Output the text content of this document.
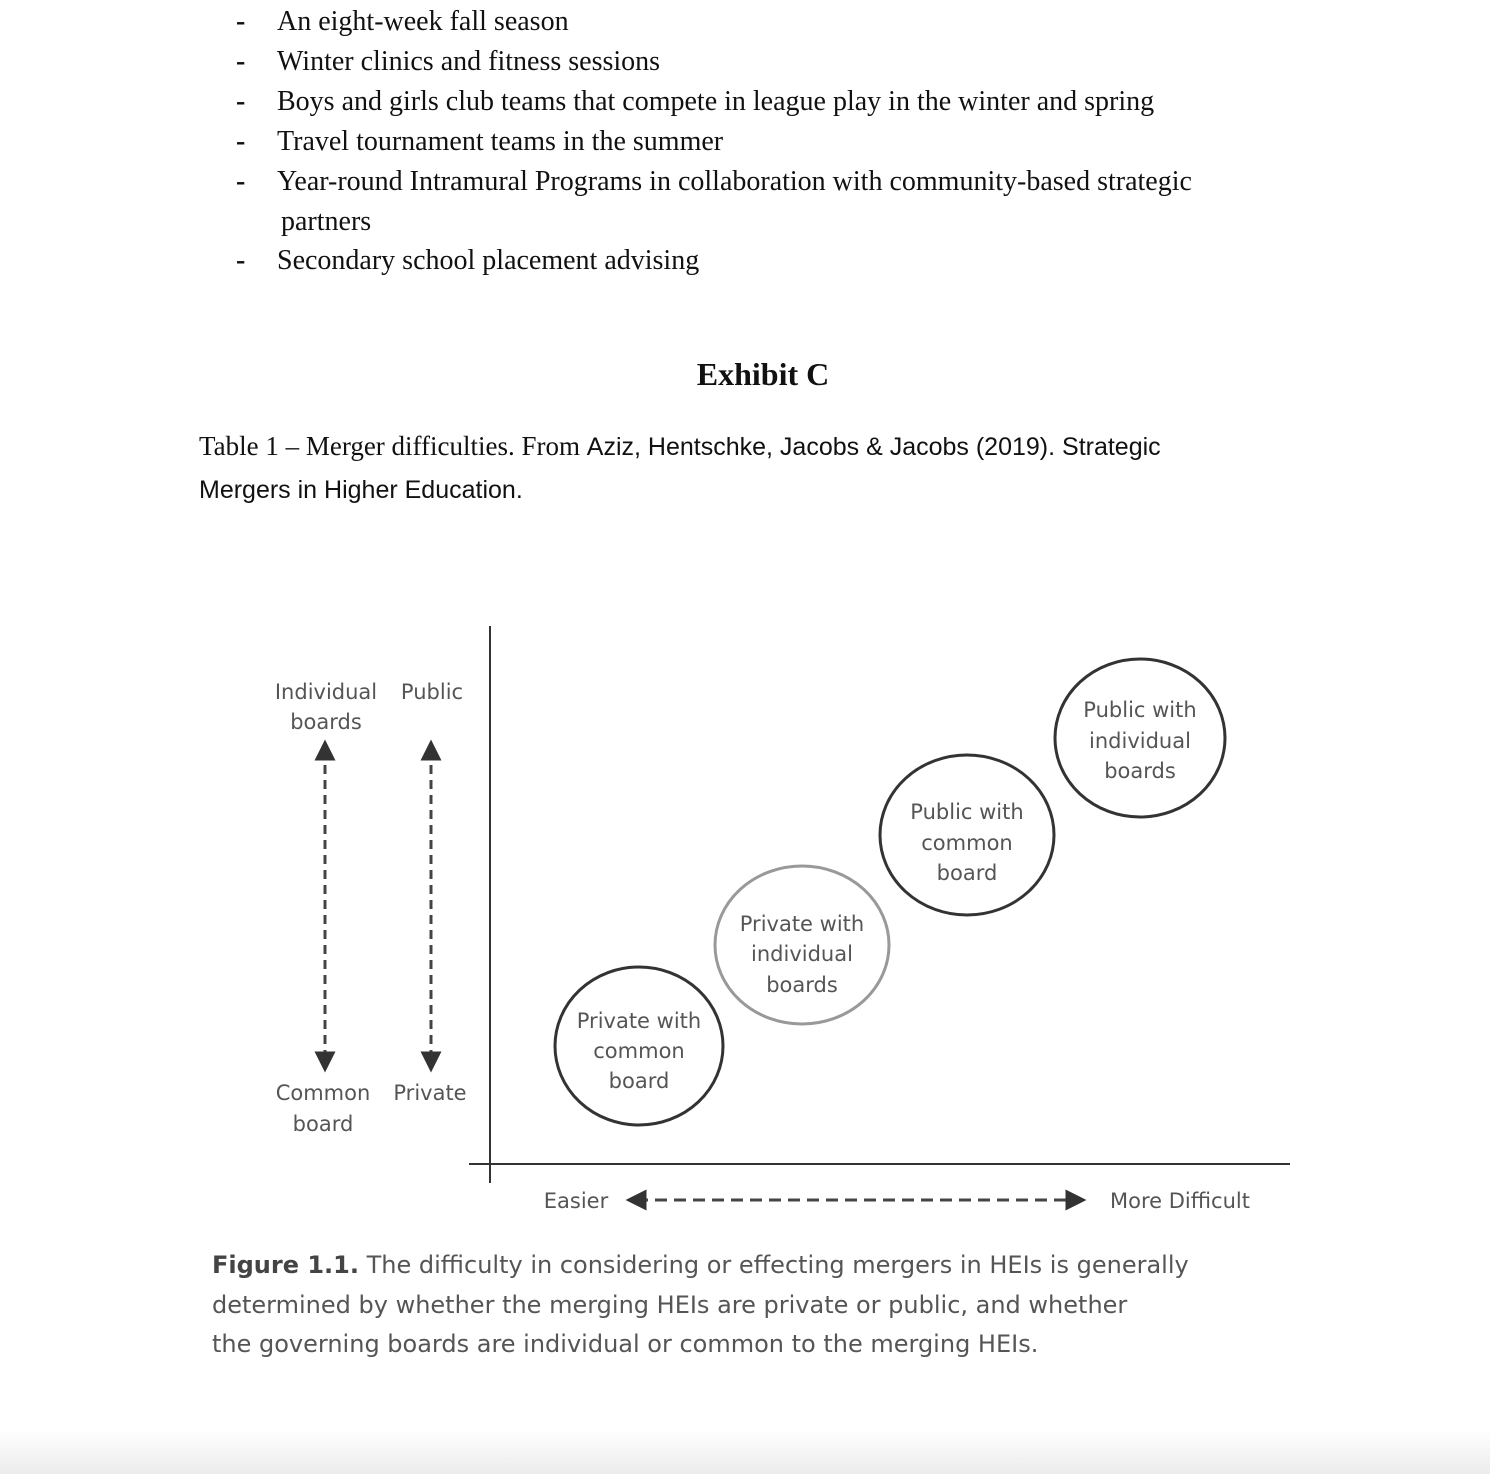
- An eight-week fall season
- Winter clinics and fitness sessions
- Boys and girls club teams that compete in league play in the winter and spring
- Travel tournament teams in the summer
- Year-round Intramural Programs in collaboration with community-based strategic
partners
- Secondary school placement advising
Exhibit C
Table 1 – Merger difficulties. From Aziz, Hentschke, Jacobs & Jacobs (2019). Strategic
Mergers in Higher Education.
Individual
boards
Public
Common
board
Private
Easier	More Difficult
Private with
common
board
Private with
individual
boards
Public with
common
board
Public with
individual
boards
Figure 1.1. The difficulty in considering or effecting mergers in HEIs is generally
determined by whether the merging HEIs are private or public, and whether
the governing boards are individual or common to the merging HEIs.
